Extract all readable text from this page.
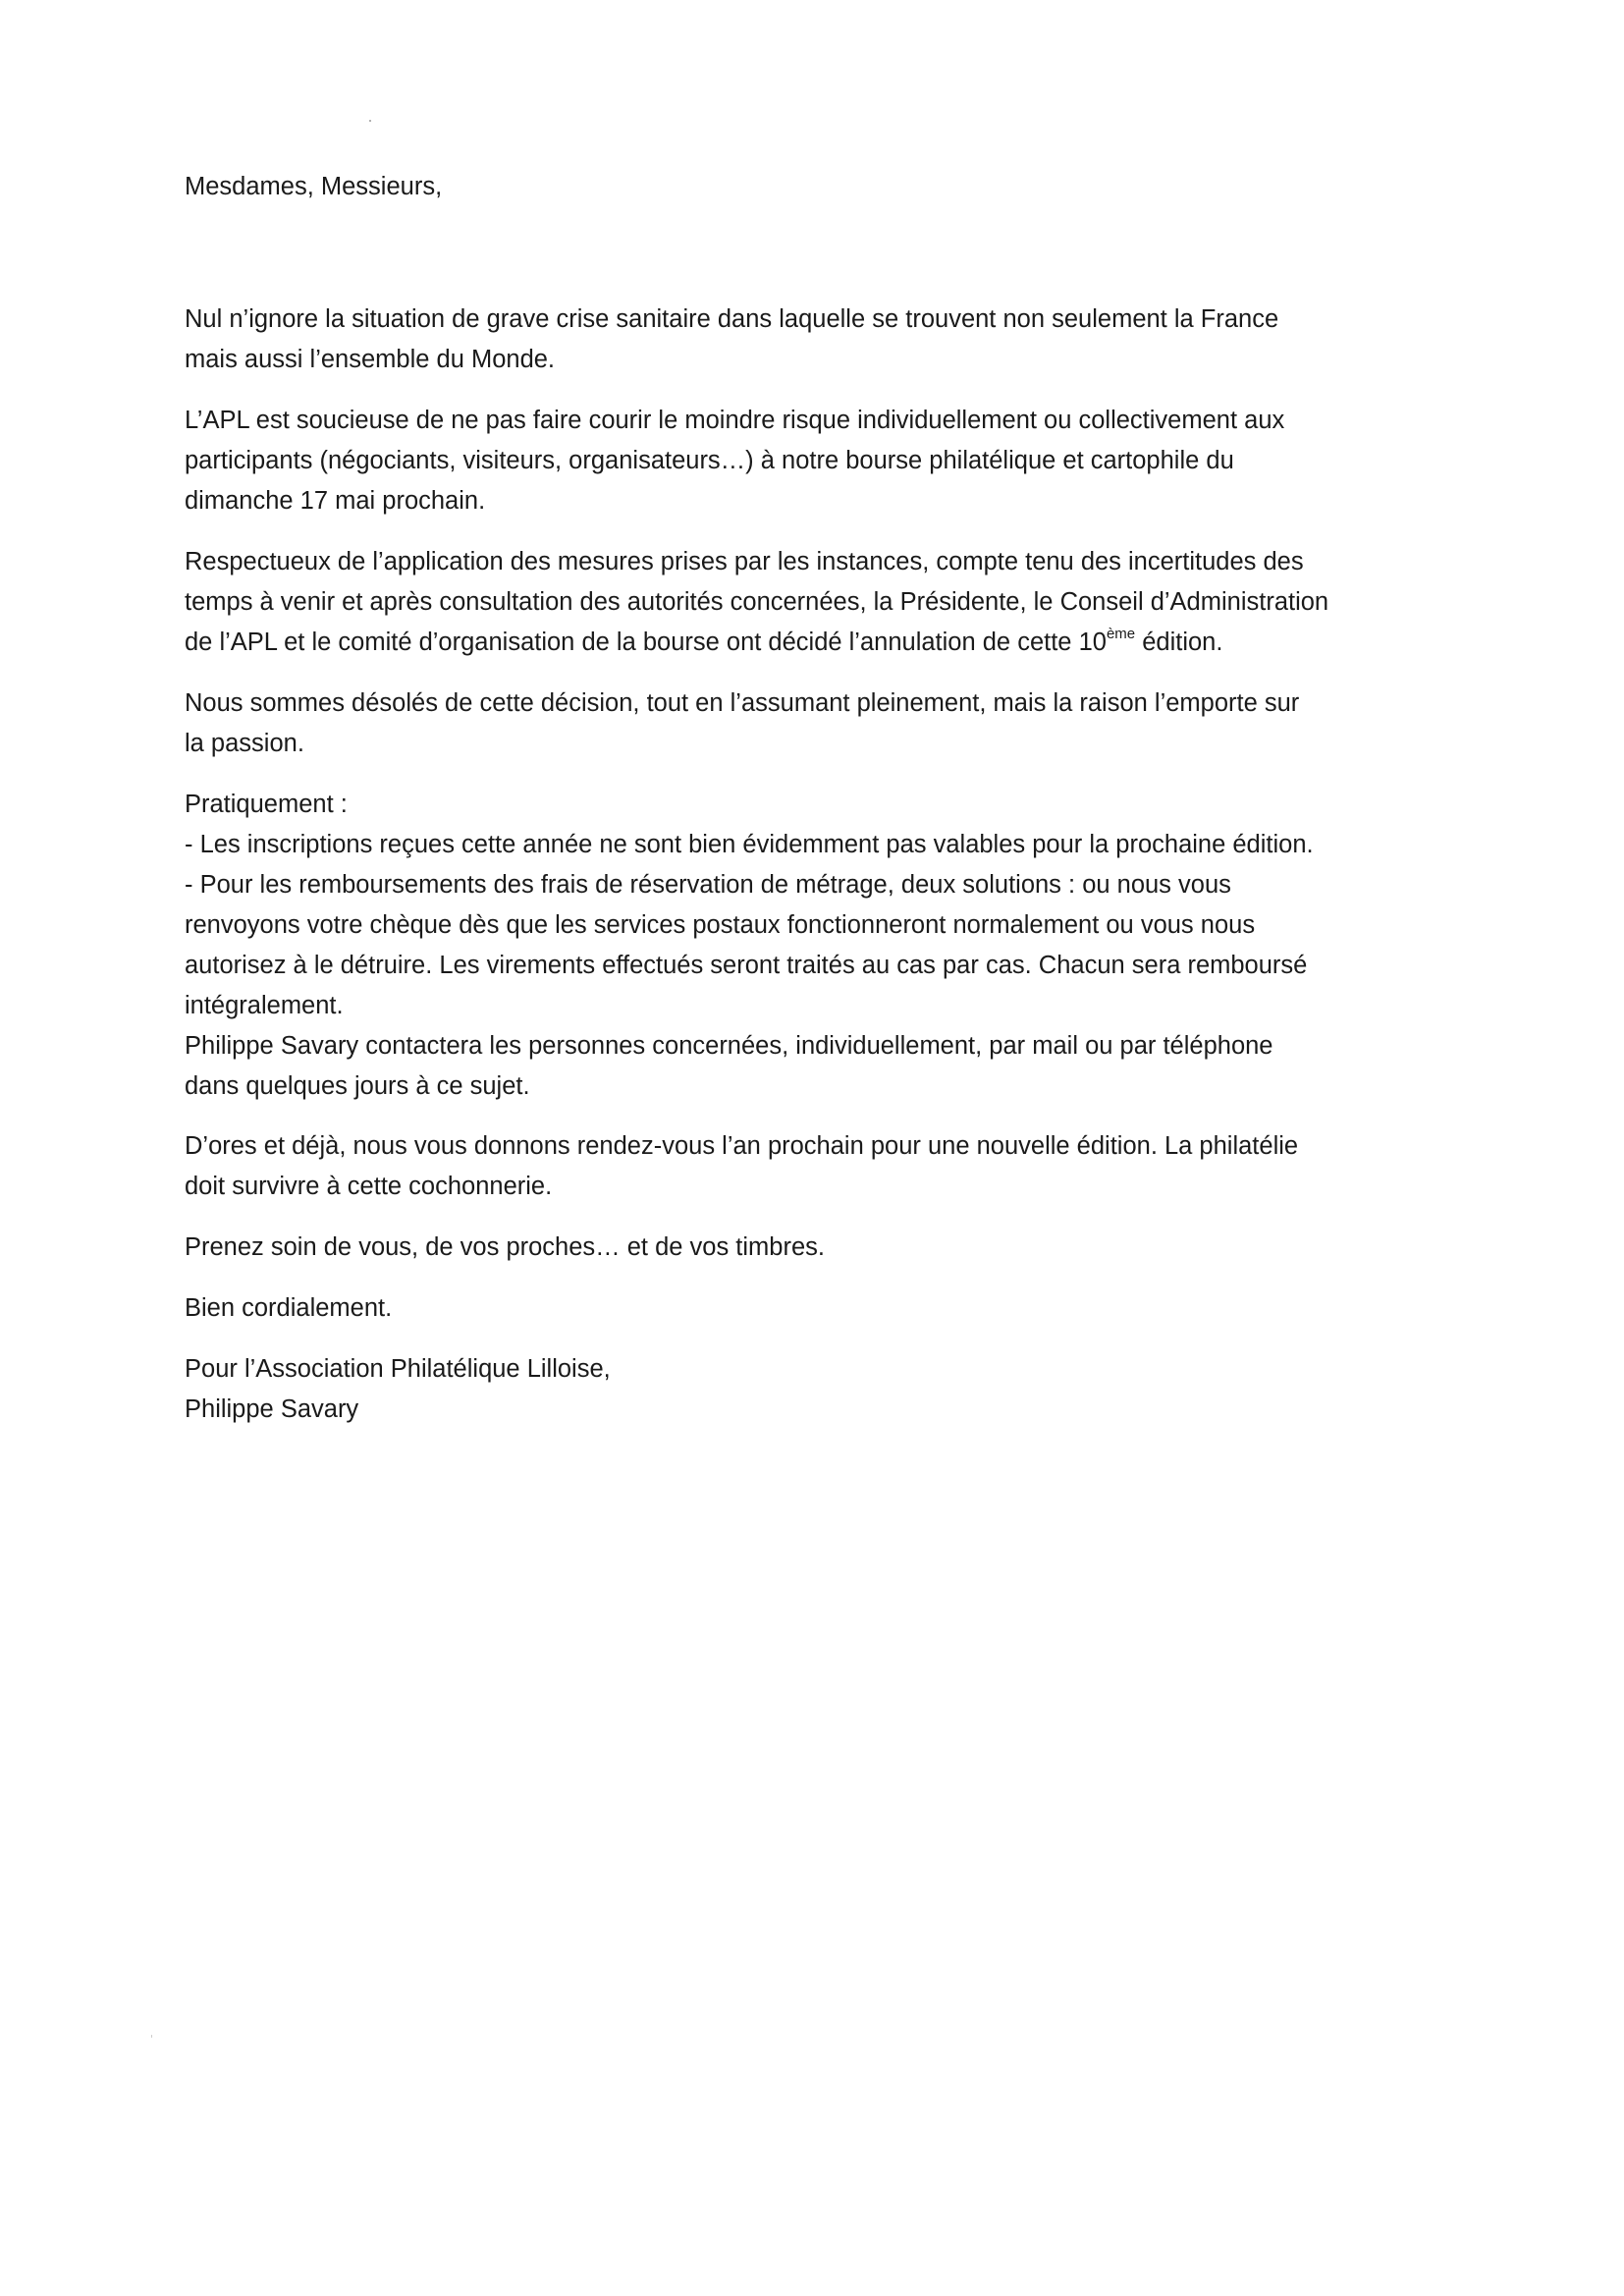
Mesdames, Messieurs,

Nul n’ignore la situation de grave crise sanitaire dans laquelle se trouvent non seulement la France
mais aussi l’ensemble du Monde.

L’APL est soucieuse de ne pas faire courir le moindre risque individuellement ou collectivement aux
participants (négociants, visiteurs, organisateurs…) à notre bourse philatélique et cartophile du
dimanche 17 mai prochain.

Respectueux de l’application des mesures prises par les instances, compte tenu des incertitudes des
temps à venir et après consultation des autorités concernées, la Présidente, le Conseil d’Administration
de l’APL et le comité d’organisation de la bourse ont décidé l’annulation de cette 10ème édition.

Nous sommes désolés de cette décision, tout en l’assumant pleinement, mais la raison l’emporte sur
la passion.

Pratiquement :
- Les inscriptions reçues cette année ne sont bien évidemment pas valables pour la prochaine édition.
- Pour les remboursements des frais de réservation de métrage, deux solutions : ou nous vous
renvoyons votre chèque dès que les services postaux fonctionneront normalement ou vous nous
autorisez à le détruire. Les virements effectués seront traités au cas par cas. Chacun sera remboursé
intégralement.
Philippe Savary contactera les personnes concernées, individuellement, par mail ou par téléphone
dans quelques jours à ce sujet.

D’ores et déjà, nous vous donnons rendez-vous l’an prochain pour une nouvelle édition. La philatélie
doit survivre à cette cochonnerie.

Prenez soin de vous, de vos proches… et de vos timbres.

Bien cordialement.

Pour l’Association Philatélique Lilloise,
Philippe Savary
